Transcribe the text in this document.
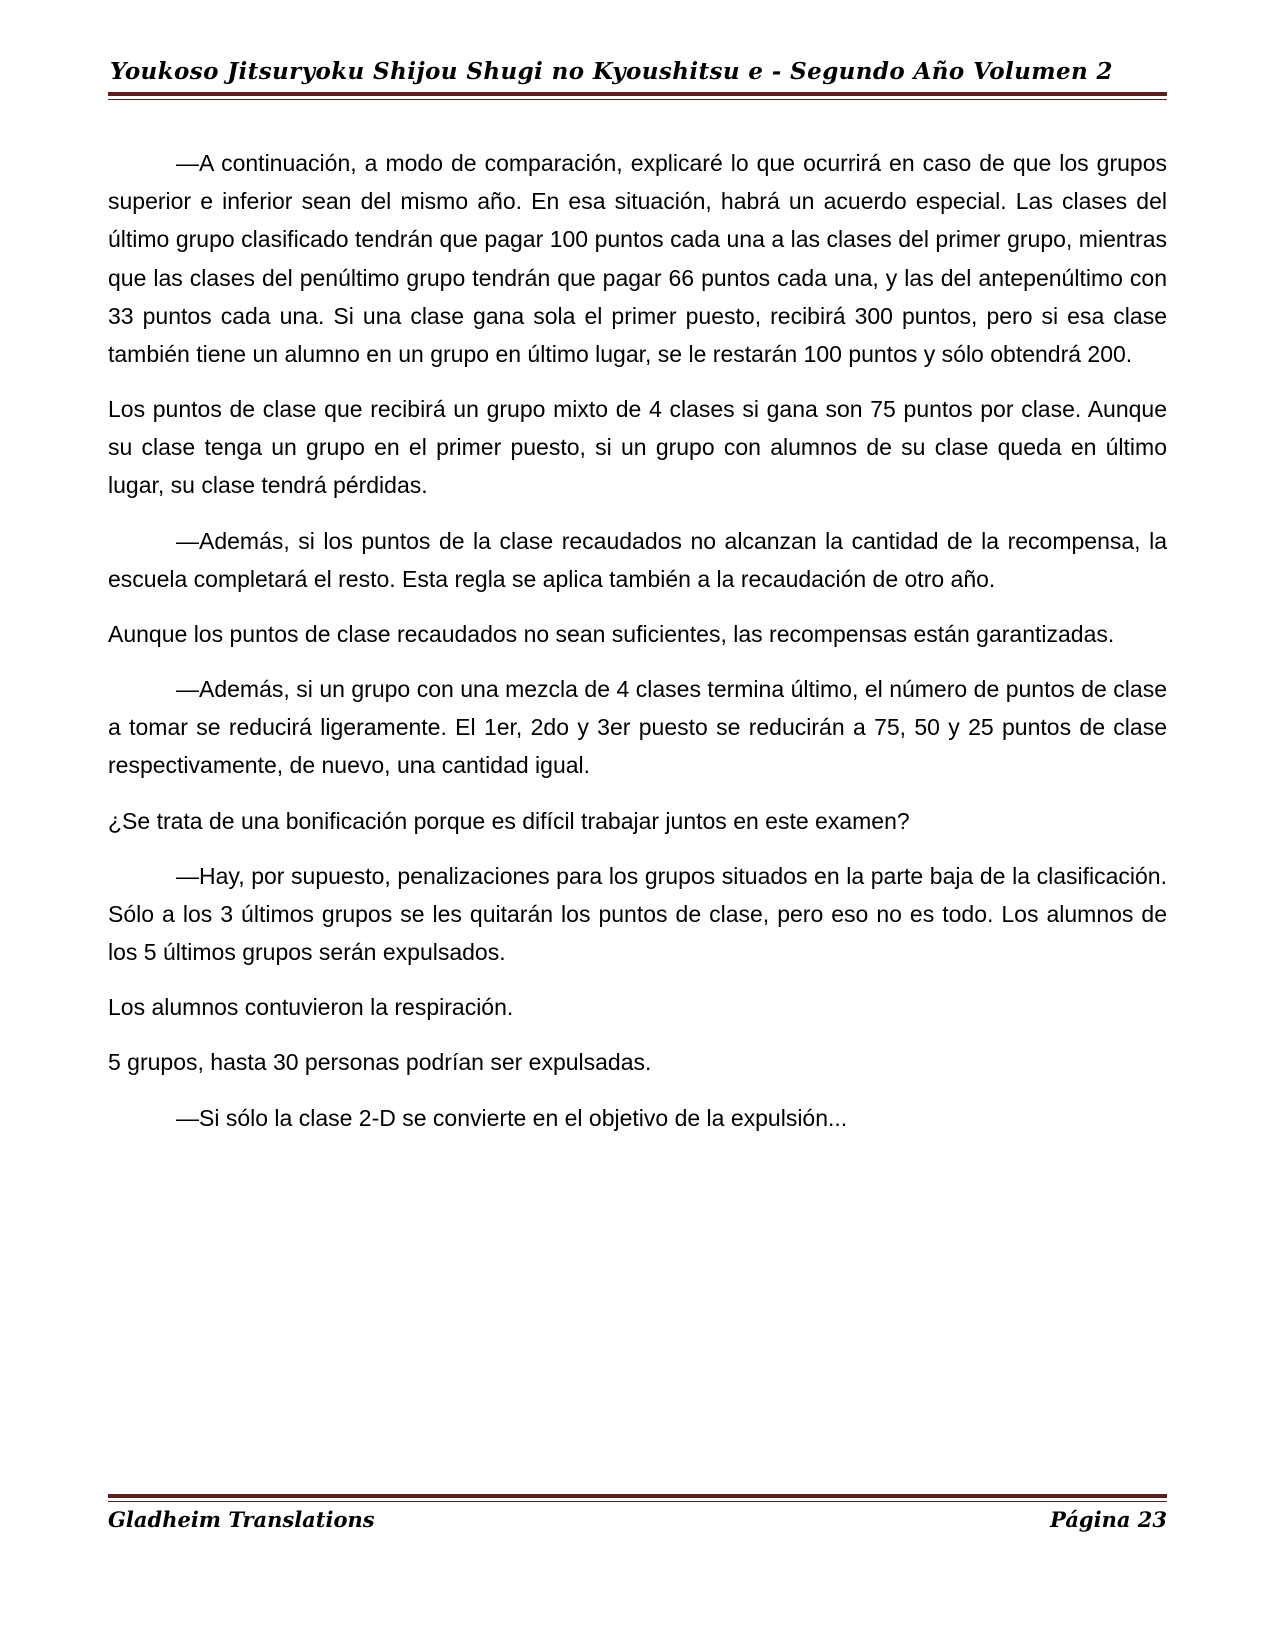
Youkoso Jitsuryoku Shijou Shugi no Kyoushitsu e - Segundo Año Volumen 2

—A continuación, a modo de comparación, explicaré lo que ocurrirá en caso de que los grupos superior e inferior sean del mismo año. En esa situación, habrá un acuerdo especial. Las clases del último grupo clasificado tendrán que pagar 100 puntos cada una a las clases del primer grupo, mientras que las clases del penúltimo grupo tendrán que pagar 66 puntos cada una, y las del antepenúltimo con 33 puntos cada una. Si una clase gana sola el primer puesto, recibirá 300 puntos, pero si esa clase también tiene un alumno en un grupo en último lugar, se le restarán 100 puntos y sólo obtendrá 200.

Los puntos de clase que recibirá un grupo mixto de 4 clases si gana son 75 puntos por clase. Aunque su clase tenga un grupo en el primer puesto, si un grupo con alumnos de su clase queda en último lugar, su clase tendrá pérdidas.

—Además, si los puntos de la clase recaudados no alcanzan la cantidad de la recompensa, la escuela completará el resto. Esta regla se aplica también a la recaudación de otro año.

Aunque los puntos de clase recaudados no sean suficientes, las recompensas están garantizadas.

—Además, si un grupo con una mezcla de 4 clases termina último, el número de puntos de clase a tomar se reducirá ligeramente. El 1er, 2do y 3er puesto se reducirán a 75, 50 y 25 puntos de clase respectivamente, de nuevo, una cantidad igual.

¿Se trata de una bonificación porque es difícil trabajar juntos en este examen?

—Hay, por supuesto, penalizaciones para los grupos situados en la parte baja de la clasificación. Sólo a los 3 últimos grupos se les quitarán los puntos de clase, pero eso no es todo. Los alumnos de los 5 últimos grupos serán expulsados.

Los alumnos contuvieron la respiración.

5 grupos, hasta 30 personas podrían ser expulsadas.

—Si sólo la clase 2-D se convierte en el objetivo de la expulsión...

Gladheim Translations	Página 23
